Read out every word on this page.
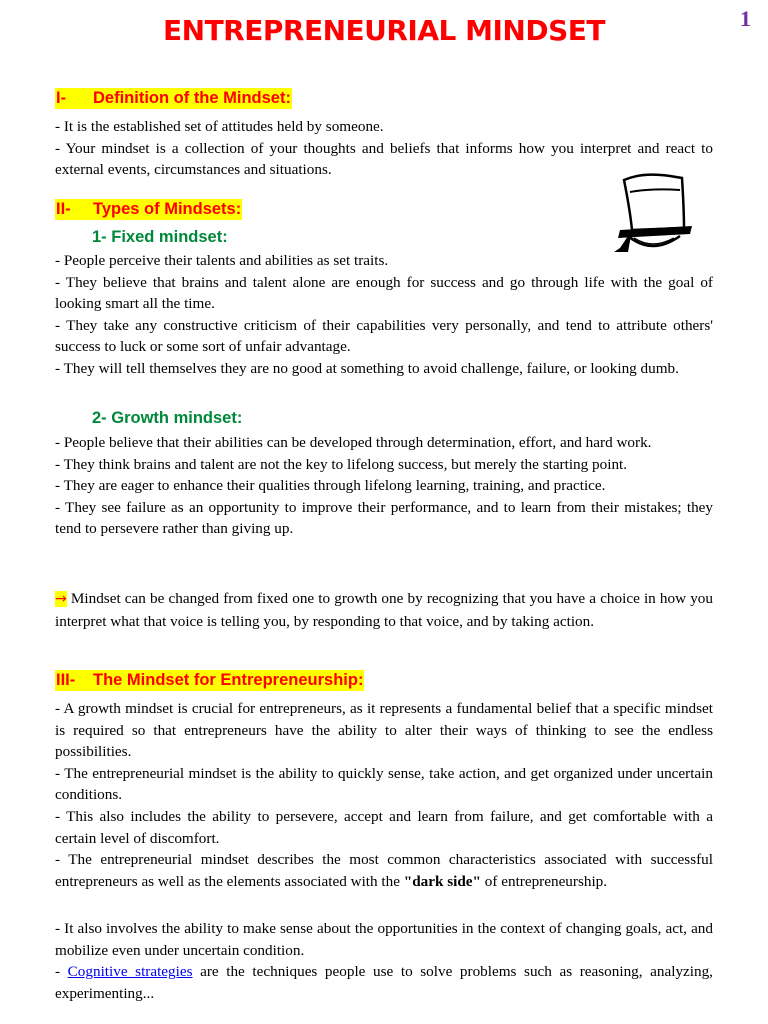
1
ENTREPRENEURIAL MINDSET
I- Definition of the Mindset:

- It is the established set of attitudes held by someone.

- Your mindset is a collection of your thoughts and beliefs that informs how you interpret and react to external events, circumstances and situations.

II- Types of Mindsets:
1- Fixed mindset:

- People perceive their talents and abilities as set traits.

- They believe that brains and talent alone are enough for success and go through life with the goal of looking smart all the time.

- They take any constructive criticism of their capabilities very personally, and tend to attribute others' success to luck or some sort of unfair advantage.

- They will tell themselves they are no good at something to avoid challenge, failure, or looking dumb.

2- Growth mindset:

- People believe that their abilities can be developed through determination, effort, and hard work.

- They think brains and talent are not the key to lifelong success, but merely the starting point.

- They are eager to enhance their qualities through lifelong learning, training, and practice.

- They see failure as an opportunity to improve their performance, and to learn from their mistakes; they tend to persevere rather than giving up.

→ Mindset can be changed from fixed one to growth one by recognizing that you have a choice in how you interpret what that voice is telling you, by responding to that voice, and by taking action.

III- The Mindset for Entrepreneurship:

- A growth mindset is crucial for entrepreneurs, as it represents a fundamental belief that a specific mindset is required so that entrepreneurs have the ability to alter their ways of thinking to see the endless possibilities.

- The entrepreneurial mindset is the ability to quickly sense, take action, and get organized under uncertain conditions.

- This also includes the ability to persevere, accept and learn from failure, and get comfortable with a certain level of discomfort.

- The entrepreneurial mindset describes the most common characteristics associated with successful entrepreneurs as well as the elements associated with the "dark side" of entrepreneurship.

- It also involves the ability to make sense about the opportunities in the context of changing goals, act, and mobilize even under uncertain condition.

- Cognitive strategies are the techniques people use to solve problems such as reasoning, analyzing, experimenting...
